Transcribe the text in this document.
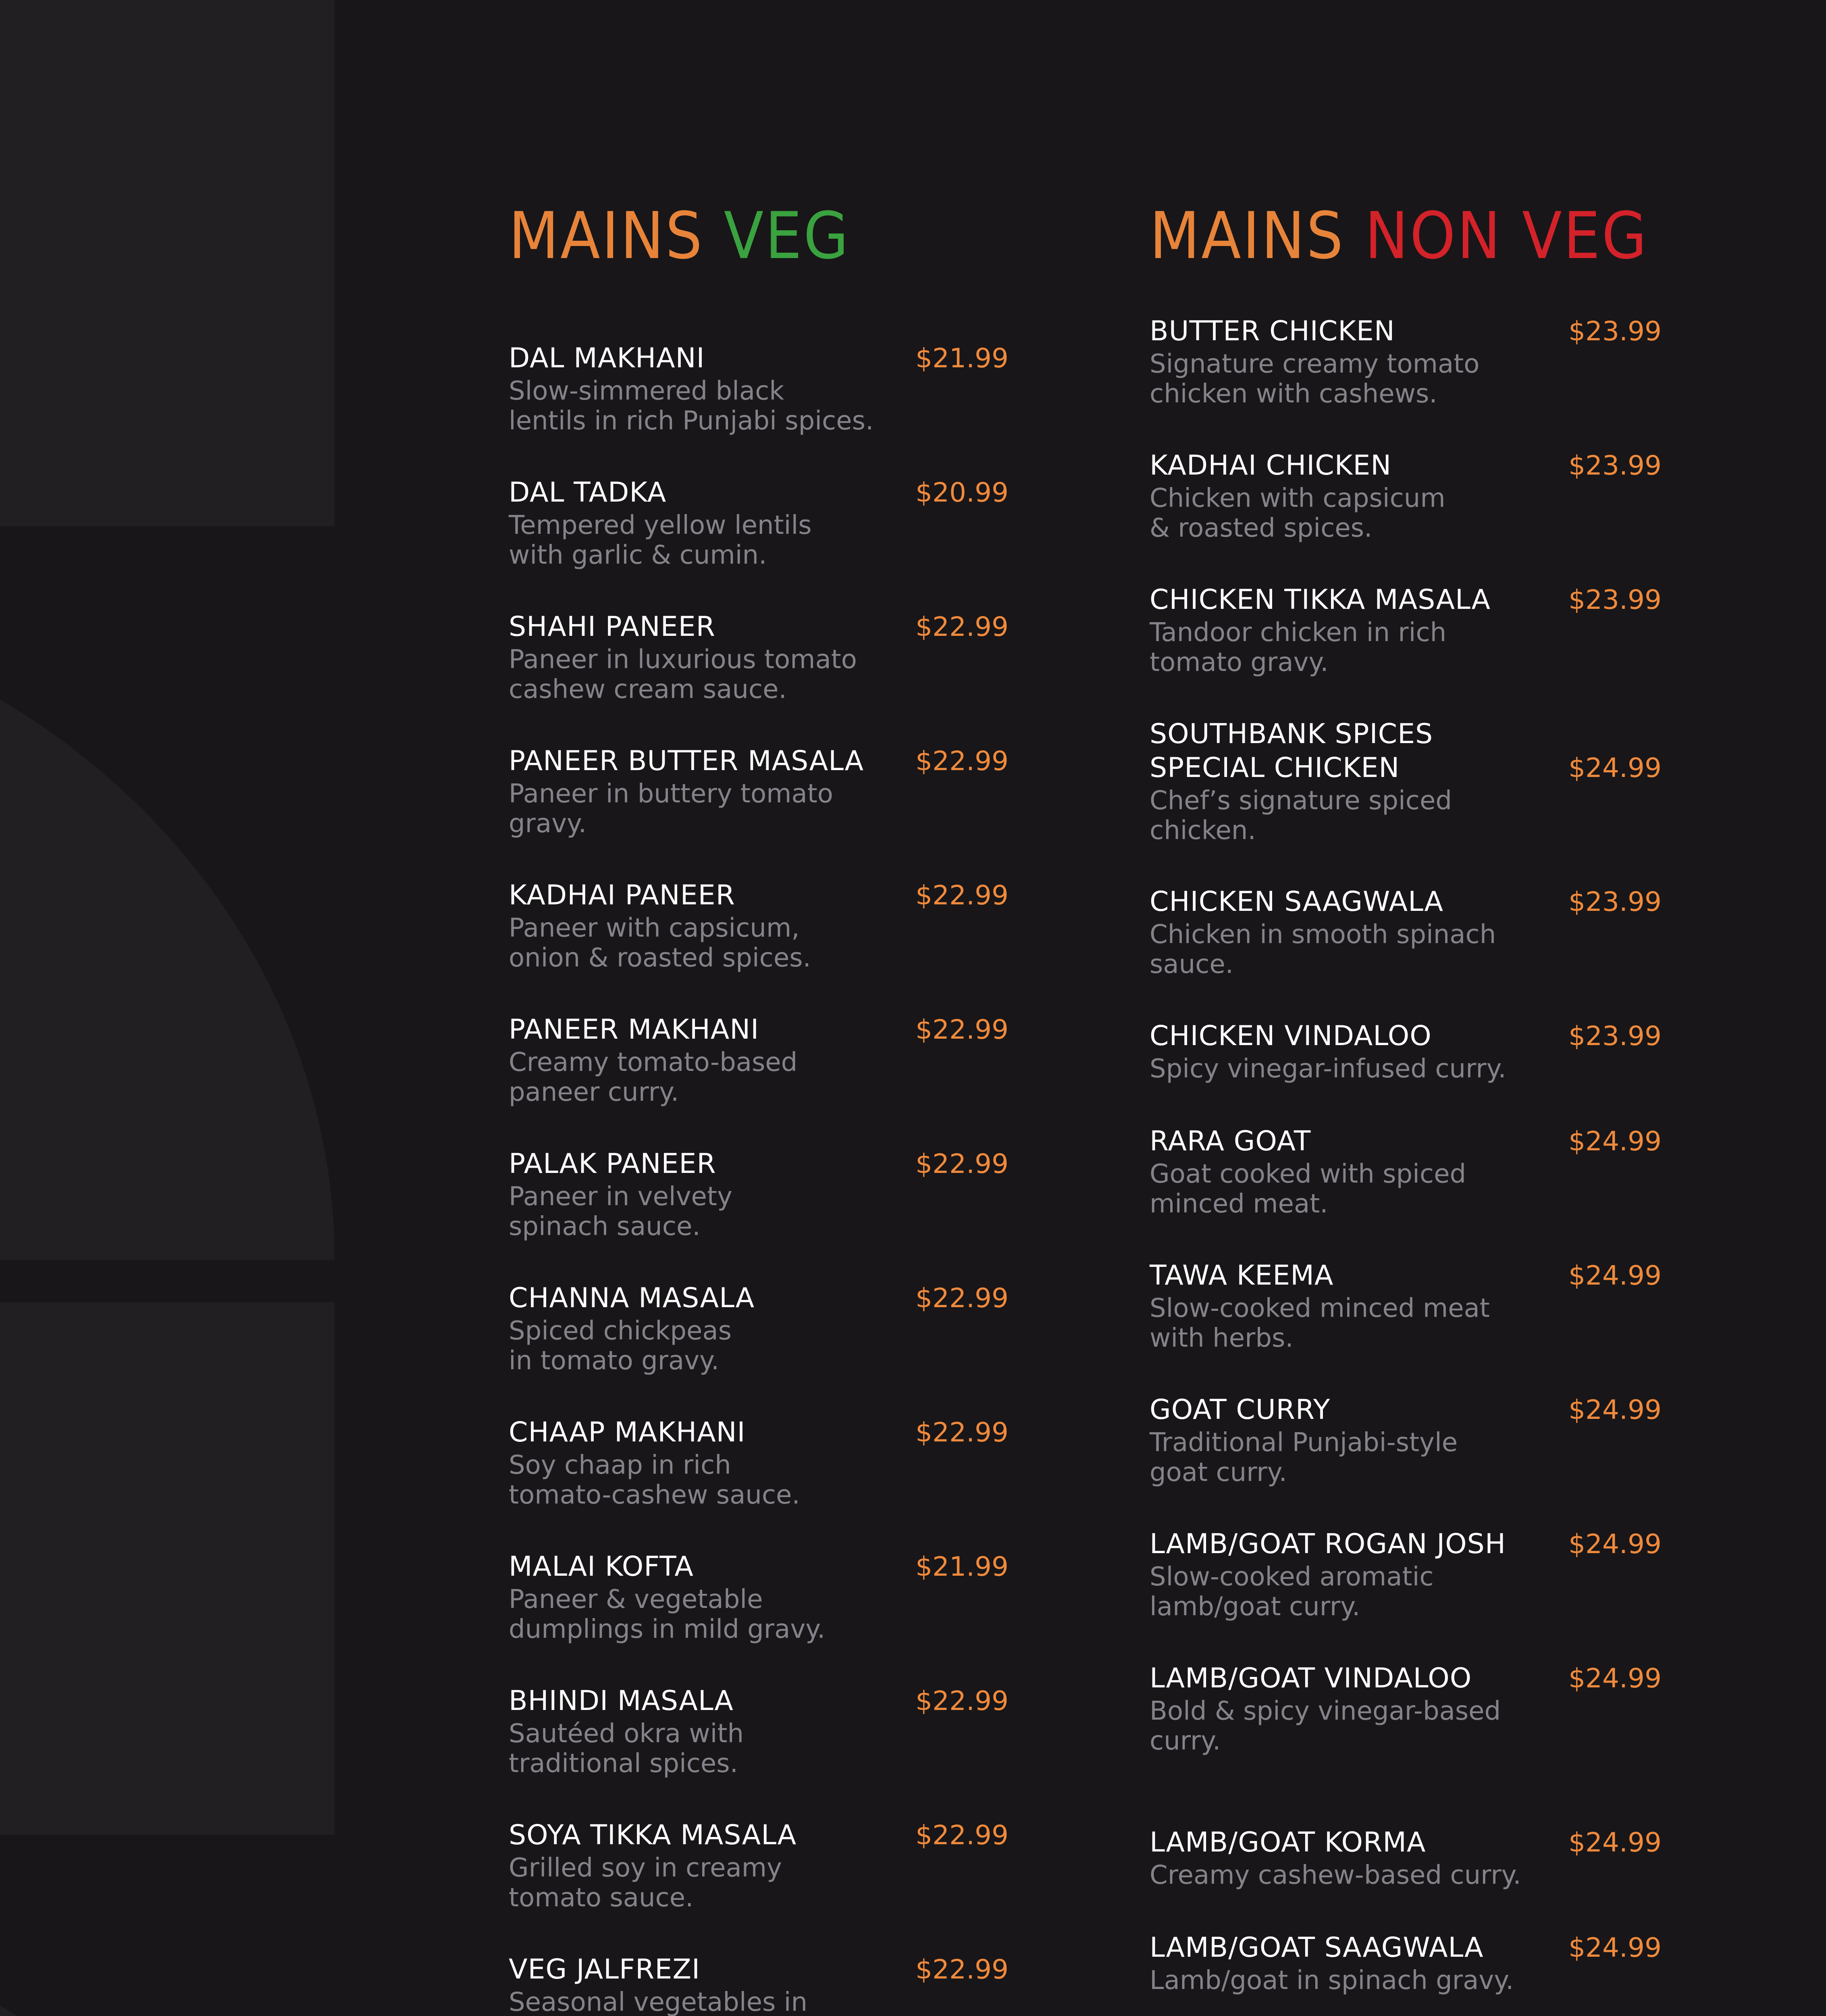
MAINS VEG	MAINS NON VEG
DAL MAKHANI	$21.99
Slow-simmered black
lentils in rich Punjabi spices.
DAL TADKA	$20.99
Tempered yellow lentils
with garlic & cumin.
SHAHI PANEER	$22.99
Paneer in luxurious tomato
cashew cream sauce.
PANEER BUTTER MASALA $22.99
Paneer in buttery tomato
gravy.
KADHAI PANEER	$22.99
Paneer with capsicum,
onion & roasted spices.
PANEER MAKHANI	$22.99
Creamy tomato-based
paneer curry.
PALAK PANEER	$22.99
Paneer in velvety
spinach sauce.
CHANNA MASALA	$22.99
Spiced chickpeas
in tomato gravy.
CHAAP MAKHANI	$22.99
Soy chaap in rich
tomato-cashew sauce.
MALAI KOFTA	$21.99
Paneer & vegetable
dumplings in mild gravy.
BHINDI MASALA	$22.99
Sautéed okra with
traditional spices.
SOYA TIKKA MASALA	$22.99
Grilled soy in creamy
tomato sauce.
VEG JALFREZI	$22.99
Seasonal vegetables in
BUTTER CHICKEN	$23.99
Signature creamy tomato
chicken with cashews.
KADHAI CHICKEN	$23.99
Chicken with capsicum
& roasted spices.
CHICKEN TIKKA MASALA	$23.99
Tandoor chicken in rich
tomato gravy.
SOUTHBANK SPICES
SPECIAL CHICKEN	$24.99
Chef’s signature spiced
chicken.
CHICKEN SAAGWALA	$23.99
Chicken in smooth spinach
sauce.
CHICKEN VINDALOO	$23.99
Spicy vinegar-infused curry.
RARA GOAT	$24.99
Goat cooked with spiced
minced meat.
TAWA KEEMA	$24.99
Slow-cooked minced meat
with herbs.
GOAT CURRY	$24.99
Traditional Punjabi-style
goat curry.
LAMB/GOAT ROGAN JOSH $24.99
Slow-cooked aromatic
lamb/goat curry.
LAMB/GOAT VINDALOO	$24.99
Bold & spicy vinegar-based
curry.
LAMB/GOAT KORMA	$24.99
Creamy cashew-based curry.
LAMB/GOAT SAAGWALA	$24.99
Lamb/goat in spinach gravy.
